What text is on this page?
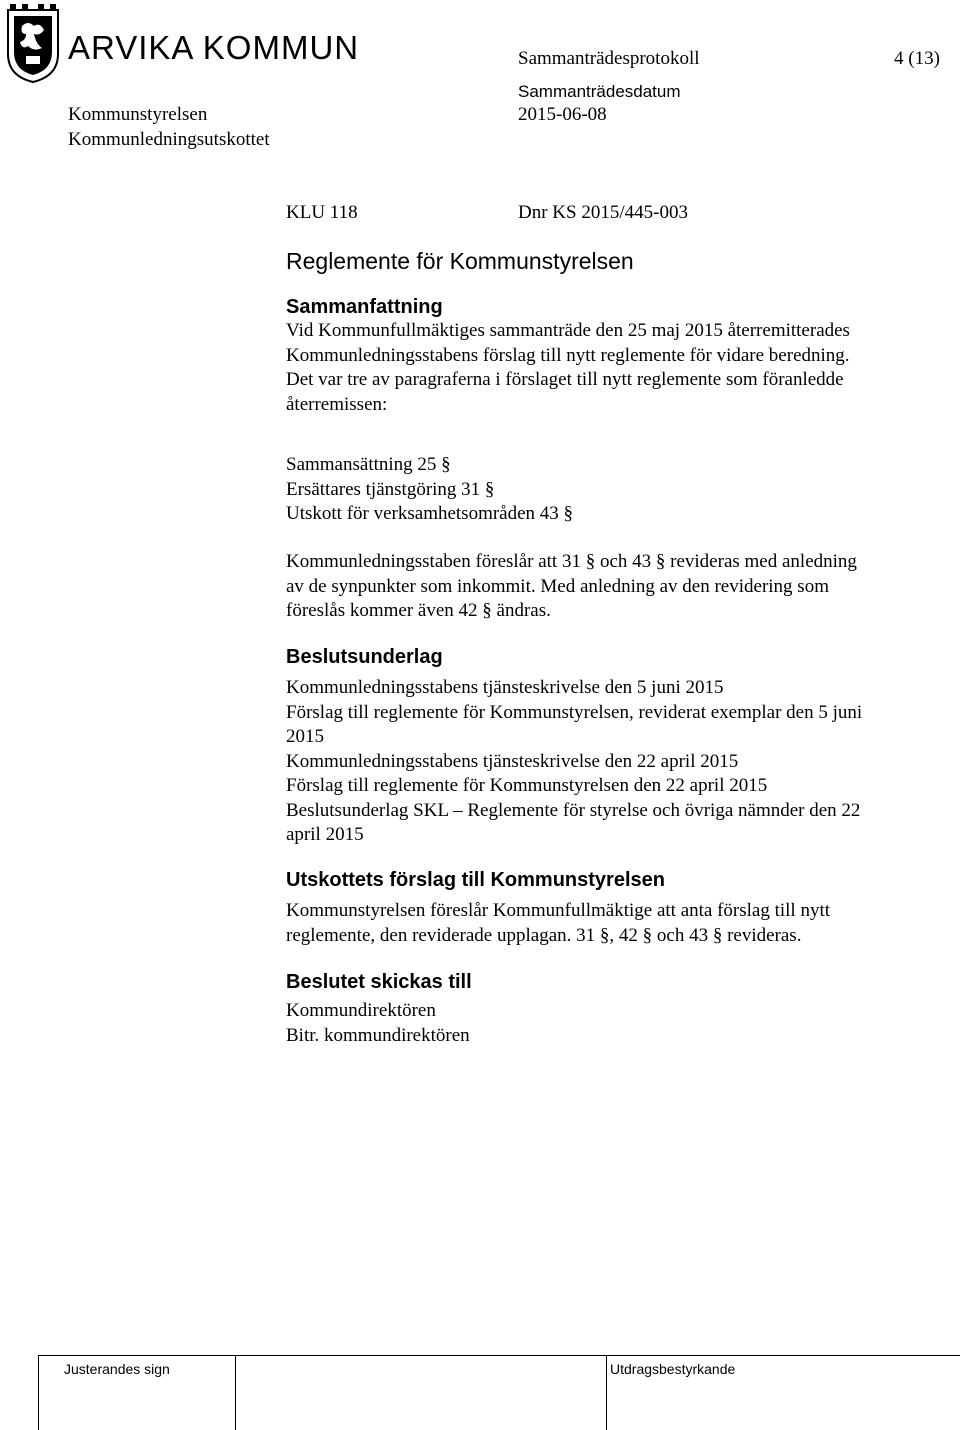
ARVIKA KOMMUN	Sammanträdesprotokoll	4 (13)
Kommunstyrelsen
Kommunledningsutskottet
Sammanträdesdatum
2015-06-08
KLU 118	Dnr KS 2015/445-003
Reglemente för Kommunstyrelsen
Sammanfattning
Vid Kommunfullmäktiges sammanträde den 25 maj 2015 återremitterades
Kommunledningsstabens förslag till nytt reglemente för vidare beredning.
Det var tre av paragraferna i förslaget till nytt reglemente som föranledde
återremissen:
Sammansättning 25 §
Ersättares tjänstgöring 31 §
Utskott för verksamhetsområden 43 §
Kommunledningsstaben föreslår att 31 § och 43 § revideras med anledning
av de synpunkter som inkommit. Med anledning av den revidering som
föreslås kommer även 42 § ändras.
Beslutsunderlag
Kommunledningsstabens tjänsteskrivelse den 5 juni 2015
Förslag till reglemente för Kommunstyrelsen, reviderat exemplar den 5 juni
2015
Kommunledningsstabens tjänsteskrivelse den 22 april 2015
Förslag till reglemente för Kommunstyrelsen den 22 april 2015
Beslutsunderlag SKL – Reglemente för styrelse och övriga nämnder den 22
april 2015
Utskottets förslag till Kommunstyrelsen
Kommunstyrelsen föreslår Kommunfullmäktige att anta förslag till nytt
reglemente, den reviderade upplagan. 31 §, 42 § och 43 § revideras.
Beslutet skickas till
Kommundirektören
Bitr. kommundirektören
Justerandes sign	Utdragsbestyrkande
